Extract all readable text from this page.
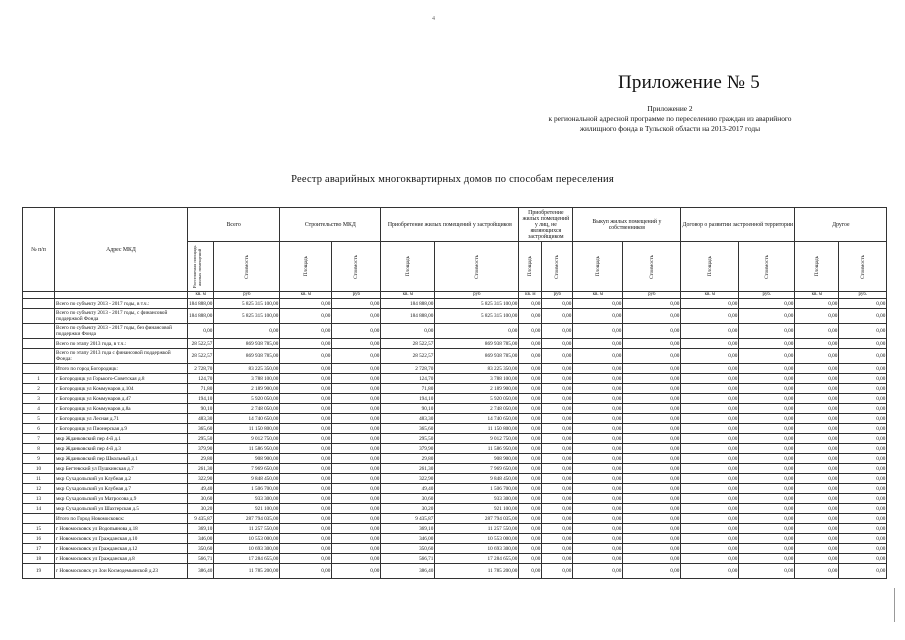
4
Приложение № 5
Приложение 2
к региональной адресной программе по переселению граждан из аварийного
жилищного фонда в Тульской области на 2013-2017 годы
Реестр аварийных многоквартирных домов по способам переселения
№ п/п	Адрес МКД	Всего		Строительство МКД		Приобретение жилых помещений у застройщиков		Приобретение жилых помещений у лиц, не являющихся застройщиком		Выкуп жилых помещений у собственников		Договор о развитии застроенной территории		Другое	

		Расселяемая площадь жилых помещений	Стоимость	Площадь	Стоимость	Площадь	Стоимость	Площадь	Стоимость	Площадь	Стоимость	Площадь	Стоимость	Площадь	Стоимость

		кв. м	руб	кв. м	руб	кв. м	руб	кв. м	руб	кв. м	руб	кв. м	руб.	кв. м	руб.
	Всего по субъекту 2013 - 2017 годы, в т.ч.:	184 888,00	5 825 315 100,00	0,00	0,00	184 888,00	5 825 315 100,00	0,00	0,00	0,00	0,00	0,00	0,00	0,00	0,00
	Всего по субъекту 2013 - 2017 годы, с финансовой поддержкой Фонда	184 888,00	5 825 315 100,00	0,00	0,00	184 888,00	5 825 315 100,00	0,00	0,00	0,00	0,00	0,00	0,00	0,00	0,00
	Всего по субъекту 2013 - 2017 годы, без финансовой поддержки Фонда	0,00	0,00	0,00	0,00	0,00	0,00	0,00	0,00	0,00	0,00	0,00	0,00	0,00	0,00
	Всего по этапу 2013 года, в т.ч.:	28 522,57	869 938 785,00	0,00	0,00	28 522,57	869 938 785,00	0,00	0,00	0,00	0,00	0,00	0,00	0,00	0,00
	Всего по этапу 2013 года с финансовой поддержкой Фонда:	28 522,57	869 938 785,00	0,00	0,00	28 522,57	869 938 785,00	0,00	0,00	0,00	0,00	0,00	0,00	0,00	0,00
	Итого по город Богородицк:	2 728,70	83 225 350,00	0,00	0,00	2 728,70	83 225 350,00	0,00	0,00	0,00	0,00	0,00	0,00	0,00	0,00
1	г Богородицк ул Горького-Советская д.8	124,70	3 788 100,00	0,00	0,00	124,70	3 788 100,00	0,00	0,00	0,00	0,00	0,00	0,00	0,00	0,00
2	г Богородицк ул Коммунаров д.104	71,80	2 189 900,00	0,00	0,00	71,80	2 189 900,00	0,00	0,00	0,00	0,00	0,00	0,00	0,00	0,00
3	г Богородицк ул Коммунаров д.47	194,10	5 920 050,00	0,00	0,00	194,10	5 920 050,00	0,00	0,00	0,00	0,00	0,00	0,00	0,00	0,00
4	г Богородицк ул Коммунаров д.8а	90,10	2 748 050,00	0,00	0,00	90,10	2 748 050,00	0,00	0,00	0,00	0,00	0,00	0,00	0,00	0,00
5	г Богородицк ул Лесная д.71	483,30	14 740 650,00	0,00	0,00	483,30	14 740 650,00	0,00	0,00	0,00	0,00	0,00	0,00	0,00	0,00
6	г Богородицк ул Пионерская д.9	365,60	11 150 800,00	0,00	0,00	365,60	11 150 800,00	0,00	0,00	0,00	0,00	0,00	0,00	0,00	0,00
7	мкр Жданковский пер 4-й д.1	295,50	9 012 750,00	0,00	0,00	295,50	9 012 750,00	0,00	0,00	0,00	0,00	0,00	0,00	0,00	0,00
8	мкр Жданковский пер 4-й д.3	379,90	11 586 950,00	0,00	0,00	379,90	11 586 950,00	0,00	0,00	0,00	0,00	0,00	0,00	0,00	0,00
9	мкр Жданковский пер Школьный д.1	29,80	908 900,00	0,00	0,00	29,80	908 900,00	0,00	0,00	0,00	0,00	0,00	0,00	0,00	0,00
10	мкр Бегтевский ул Пушкинская д.7	261,30	7 969 650,00	0,00	0,00	261,30	7 969 650,00	0,00	0,00	0,00	0,00	0,00	0,00	0,00	0,00
11	мкр Сухадольский ул Клубная д.2	322,90	9 848 450,00	0,00	0,00	322,90	9 848 450,00	0,00	0,00	0,00	0,00	0,00	0,00	0,00	0,00
12	мкр Сухадольский ул Клубная д.7	49,40	1 506 700,00	0,00	0,00	49,40	1 506 700,00	0,00	0,00	0,00	0,00	0,00	0,00	0,00	0,00
13	мкр Сухадольский ул Матросова д.9	30,60	933 300,00	0,00	0,00	30,60	933 300,00	0,00	0,00	0,00	0,00	0,00	0,00	0,00	0,00
14	мкр Сухадольский ул Шахтерская д.5	30,20	921 100,00	0,00	0,00	30,20	921 100,00	0,00	0,00	0,00	0,00	0,00	0,00	0,00	0,00
	Итого по Город Новомосковск:	9 435,87	287 794 035,00	0,00	0,00	9 435,87	287 794 035,00	0,00	0,00	0,00	0,00	0,00	0,00	0,00	0,00
15	г Новомосковск ул Водопьянова д.18	369,10	11 257 550,00	0,00	0,00	369,10	11 257 550,00	0,00	0,00	0,00	0,00	0,00	0,00	0,00	0,00
16	г Новомосковск ул Гражданская д.10	346,00	10 553 000,00	0,00	0,00	346,00	10 553 000,00	0,00	0,00	0,00	0,00	0,00	0,00	0,00	0,00
17	г Новомосковск ул Гражданская д.12	350,60	10 693 300,00	0,00	0,00	350,60	10 693 300,00	0,00	0,00	0,00	0,00	0,00	0,00	0,00	0,00
18	г Новомосковск ул Гражданская д.8	566,71	17 284 655,00	0,00	0,00	566,71	17 284 655,00	0,00	0,00	0,00	0,00	0,00	0,00	0,00	0,00
19	г Новомосковск ул Зои Космодемьянской д.23	386,40	11 785 200,00	0,00	0,00	386,40	11 785 200,00	0,00	0,00	0,00	0,00	0,00	0,00	0,00	0,00
